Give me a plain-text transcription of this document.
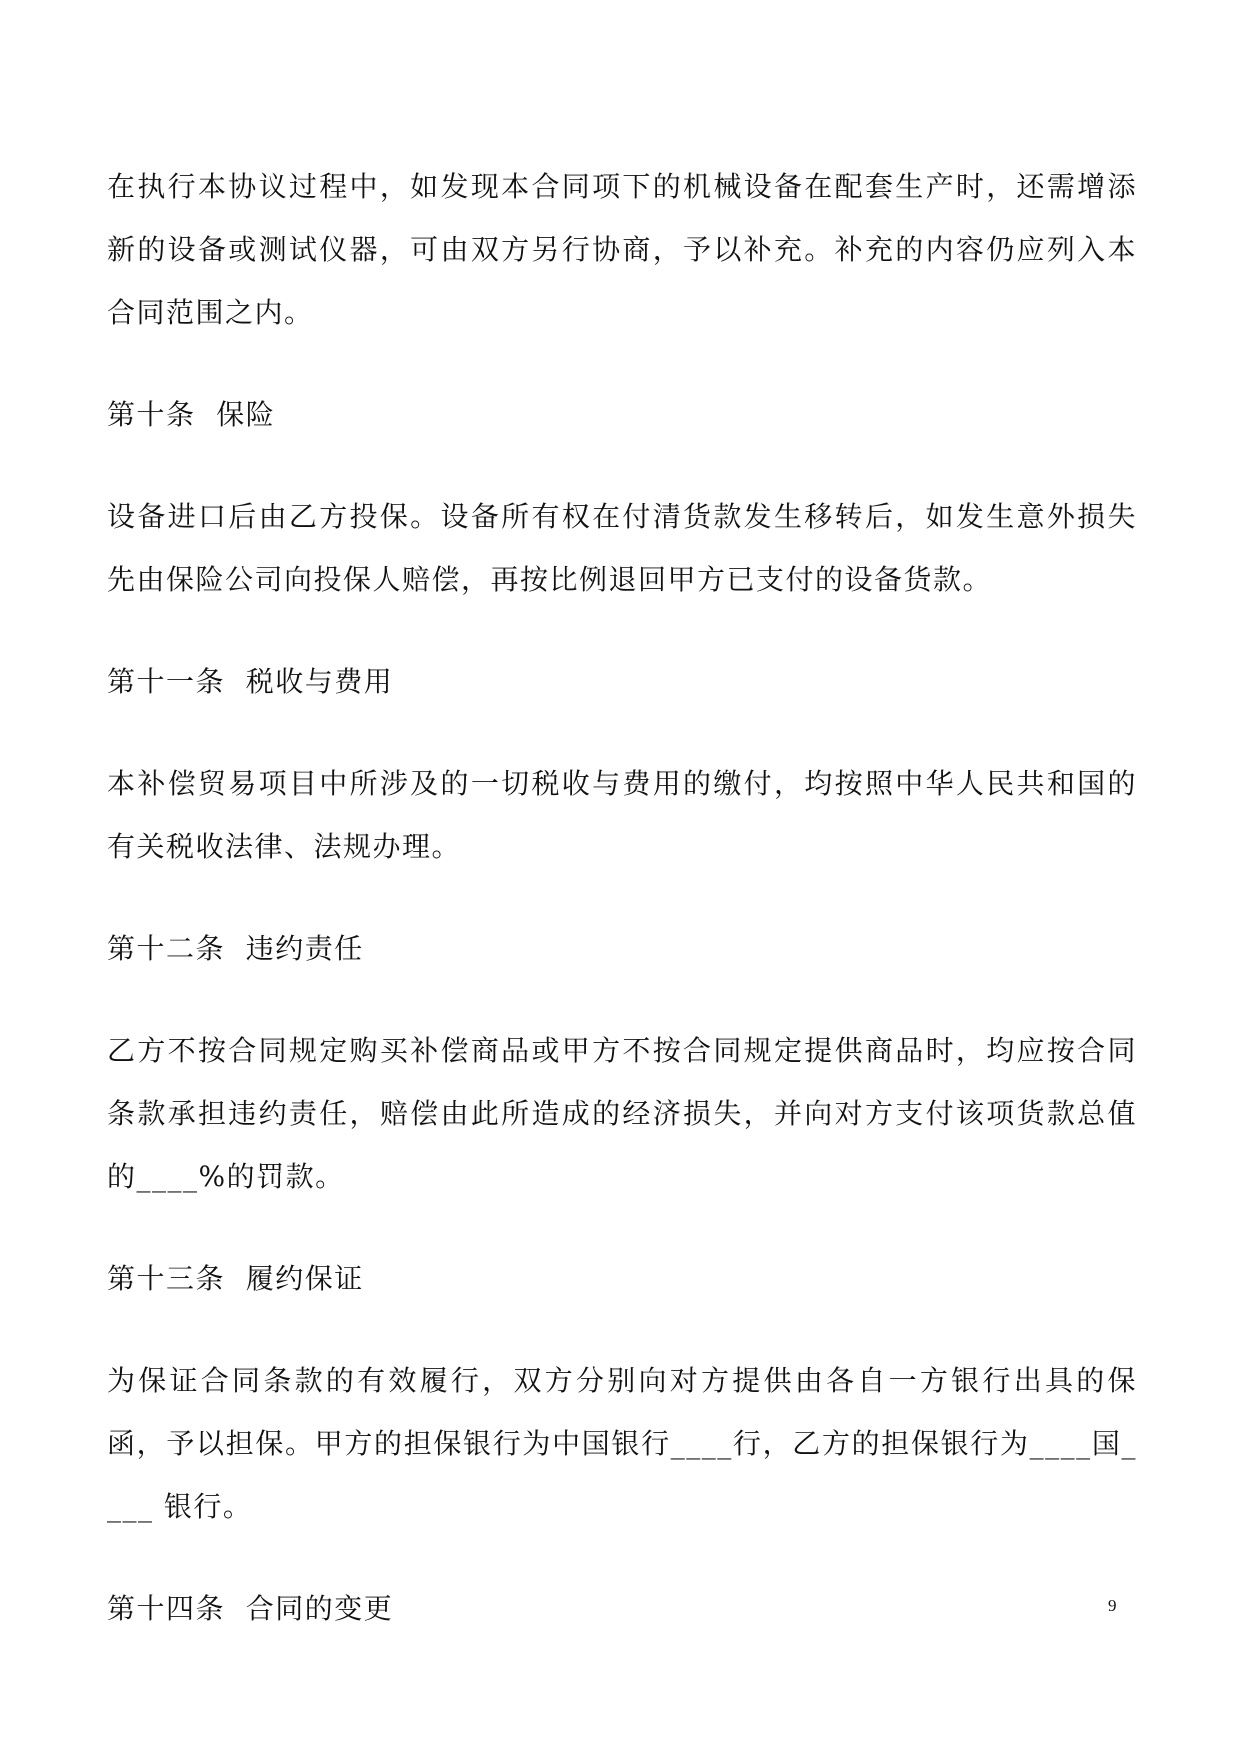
在执行本协议过程中，如发现本合同项下的机械设备在配套生产时，还需增添新的设备或测试仪器，可由双方另行协商，予以补充。补充的内容仍应列入本合同范围之内。

第十条  保险

设备进口后由乙方投保。设备所有权在付清货款发生移转后，如发生意外损失先由保险公司向投保人赔偿，再按比例退回甲方已支付的设备货款。

第十一条  税收与费用

本补偿贸易项目中所涉及的一切税收与费用的缴付，均按照中华人民共和国的有关税收法律、法规办理。

第十二条  违约责任

乙方不按合同规定购买补偿商品或甲方不按合同规定提供商品时，均应按合同条款承担违约责任，赔偿由此所造成的经济损失，并向对方支付该项货款总值的____%的罚款。

第十三条  履约保证

为保证合同条款的有效履行，双方分别向对方提供由各自一方银行出具的保函，予以担保。甲方的担保银行为中国银行____行，乙方的担保银行为____国____ 银行。

第十四条  合同的变更	9
